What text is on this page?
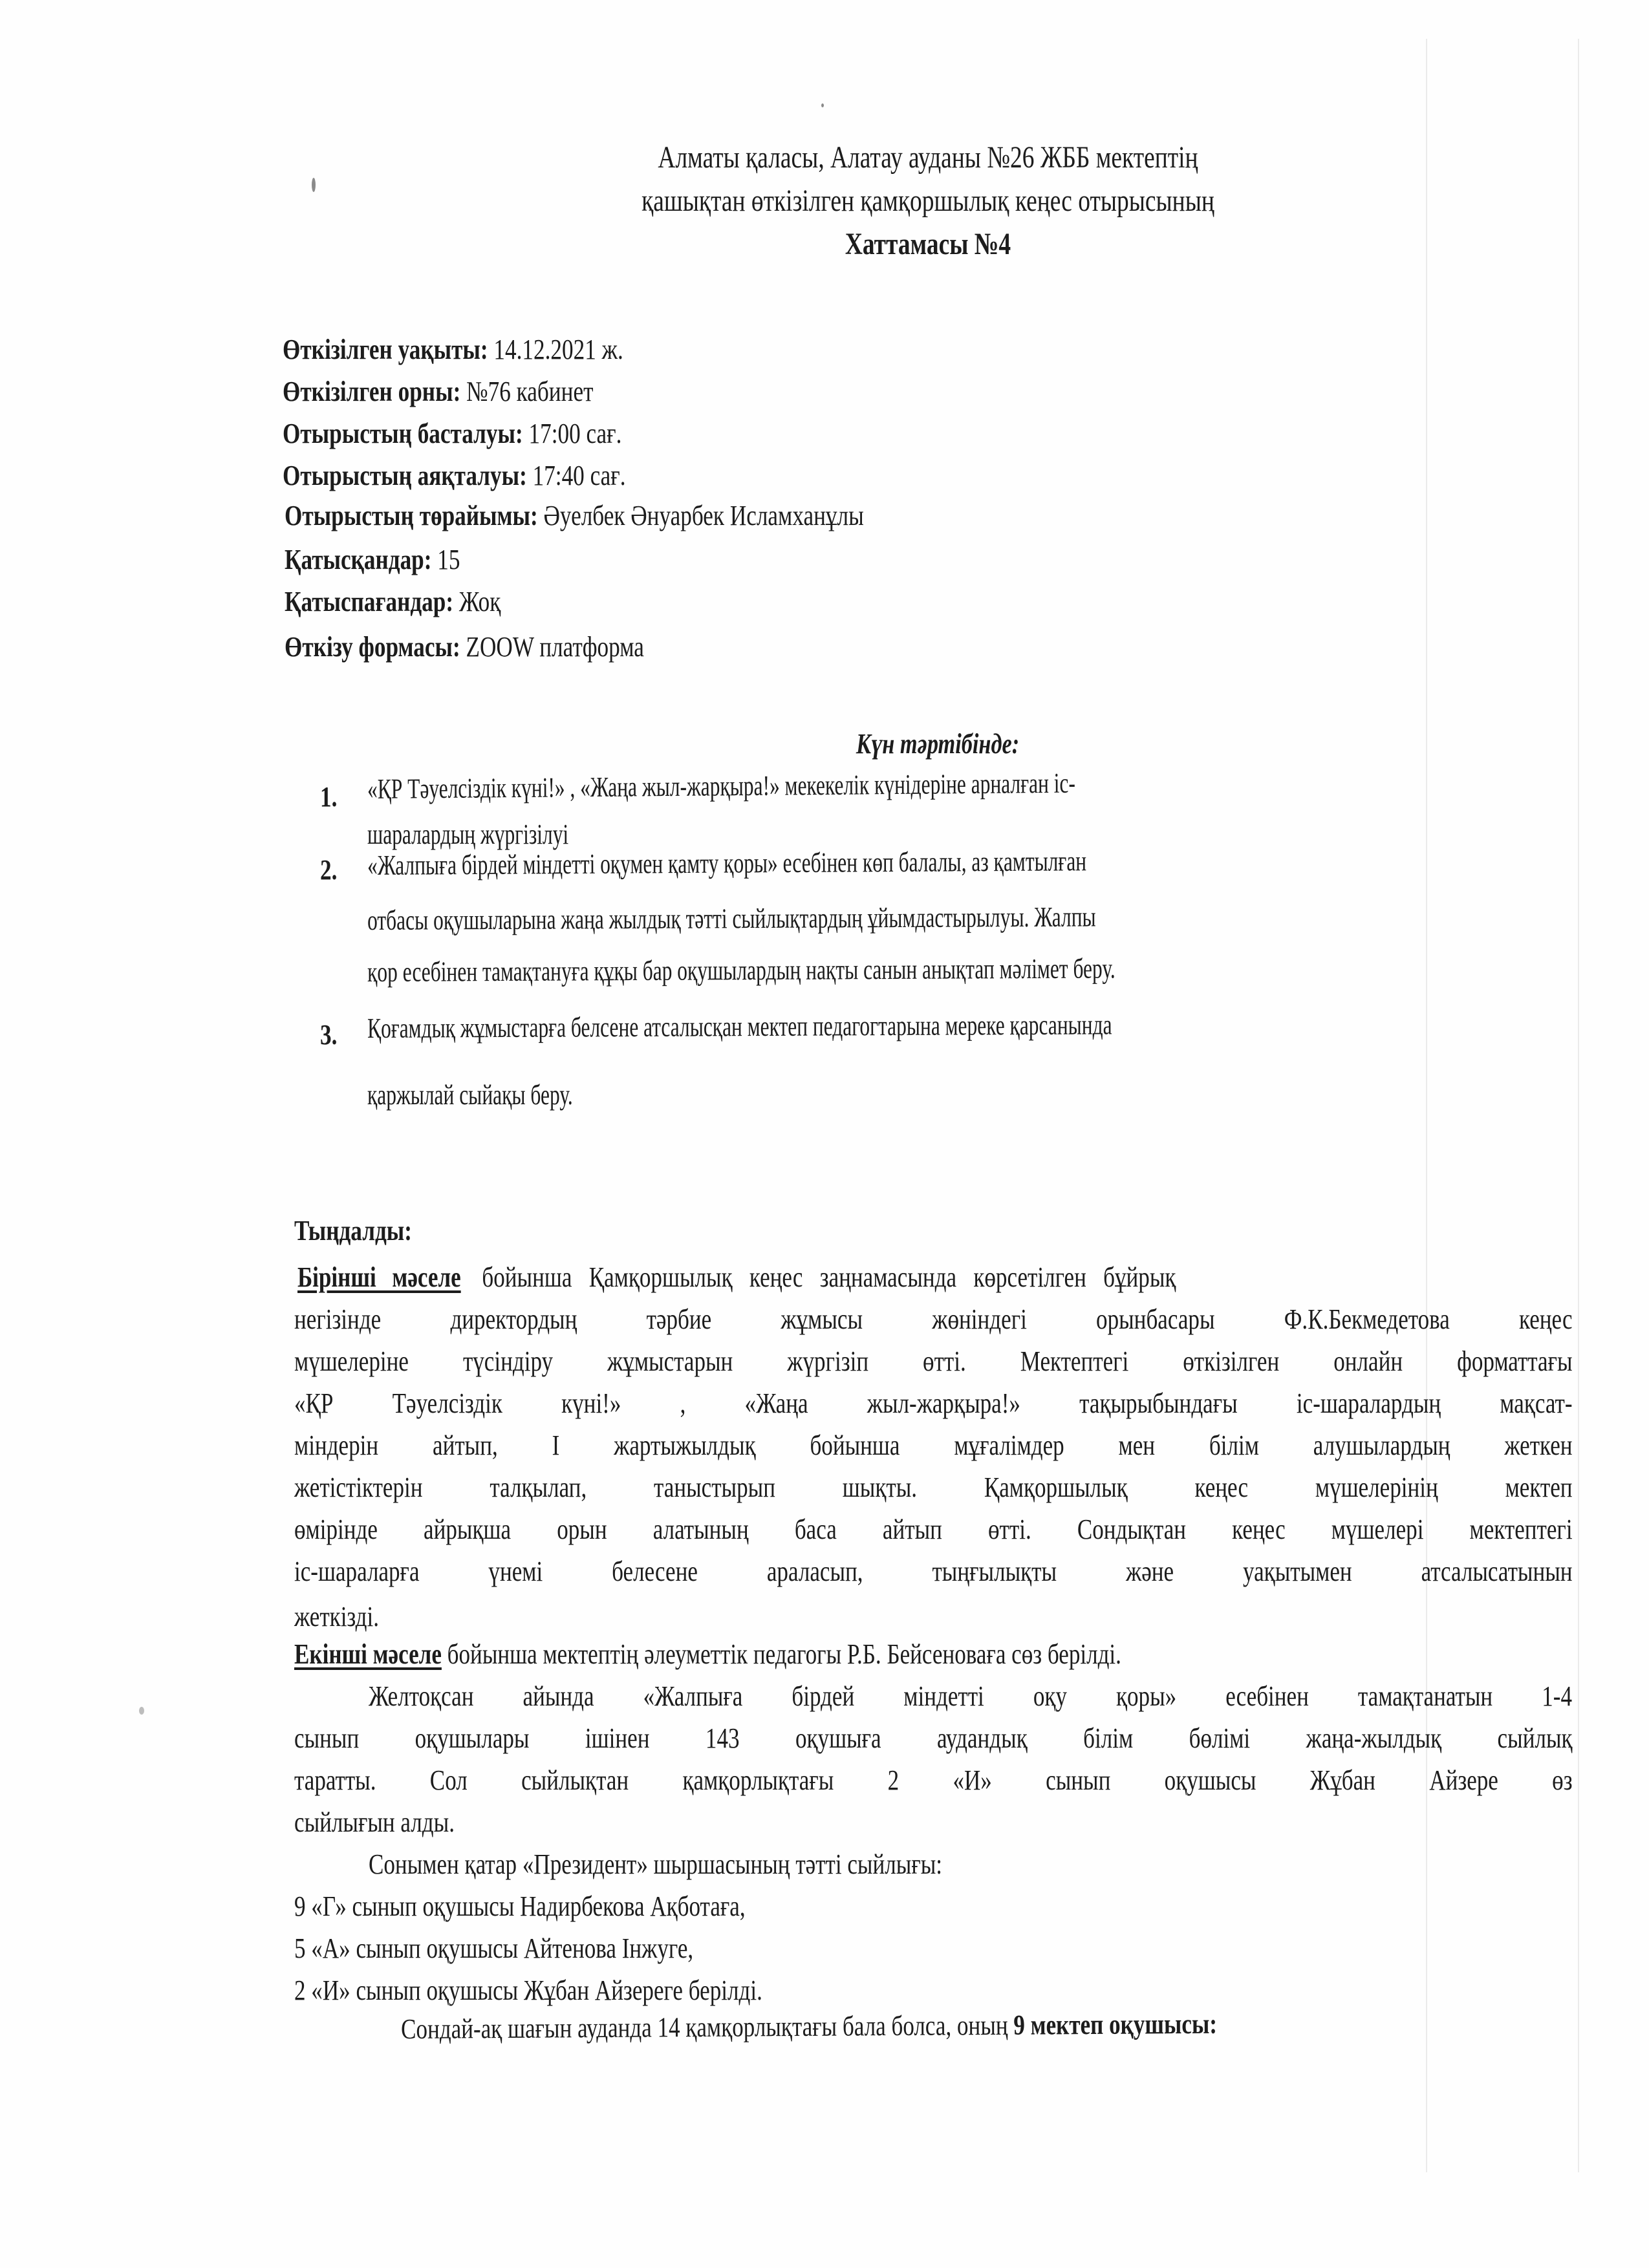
Алматы қаласы, Алатау ауданы №26 ЖББ мектептің
қашықтан өткізілген қамқоршылық кеңес отырысының
Хаттамасы №4
Өткізілген уақыты: 14.12.2021 ж.
Өткізілген орны: №76 кабинет
Отырыстың басталуы: 17:00 сағ.
Отырыстың аяқталуы: 17:40 сағ.
Отырыстың төрайымы: Әуелбек Әнуарбек Исламханұлы
Қатысқандар: 15
Қатыспағандар: Жоқ
Өткізу формасы: ZOOW платформа
Күн тәртібінде:
1. «ҚР Тәуелсіздік күні!» , «Жаңа жыл-жарқыра!» мекекелік күнідеріне арналған іс-
шаралардың жүргізілуі
2. «Жалпыға бірдей міндетті оқумен қамту қоры» есебінен көп балалы, аз қамтылған
отбасы оқушыларына жаңа жылдық тәтті сыйлықтардың ұйымдастырылуы. Жалпы
қор есебінен тамақтануға құқы бар оқушылардың нақты санын анықтап мәлімет беру.
3. Қоғамдық жұмыстарға белсене атсалысқан мектеп педагогтарына мереке қарсанында
қаржылай сыйақы беру.
Тыңдалды:
Бірінші мәселе бойынша Қамқоршылық кеңес заңнамасында көрсетілген бұйрық
негізінде директордың тәрбие жұмысы жөніндегі орынбасары Ф.К.Бекмедетова кеңес
мүшелеріне түсіндіру жұмыстарын жүргізіп өтті. Мектептегі өткізілген онлайн форматтағы
«ҚР Тәуелсіздік күні!» , «Жаңа жыл-жарқыра!» тақырыбындағы іс-шаралардың мақсат-
міндерін айтып, І жартыжылдық бойынша мұғалімдер мен білім алушылардың жеткен
жетістіктерін талқылап, таныстырып шықты. Қамқоршылық кеңес мүшелерінің мектеп
өмірінде айрықша орын алатының баса айтып өтті. Сондықтан кеңес мүшелері мектептегі
іс-шараларға үнемі белесене араласып, тыңғылықты және уақытымен атсалысатынын
жеткізді.
Екінші мәселе бойынша мектептің әлеуметтік педагогы Р.Б. Бейсеноваға сөз берілді.
Желтоқсан айында «Жалпыға бірдей міндетті оқу қоры» есебінен тамақтанатын 1-4
сынып оқушылары ішінен 143 оқушыға аудандық білім бөлімі жаңа-жылдық сыйлық
таратты. Сол сыйлықтан қамқорлықтағы 2 «И» сынып оқушысы Жұбан Айзере өз
сыйлығын алды.
Сонымен қатар «Президент» шыршасының тәтті сыйлығы:
9 «Г» сынып оқушысы Надирбекова Ақботаға,
5 «А» сынып оқушысы Айтенова Інжуге,
2 «И» сынып оқушысы Жұбан Айзереге берілді.
Сондай-ақ шағын ауданда 14 қамқорлықтағы бала болса, оның 9 мектеп оқушысы:
